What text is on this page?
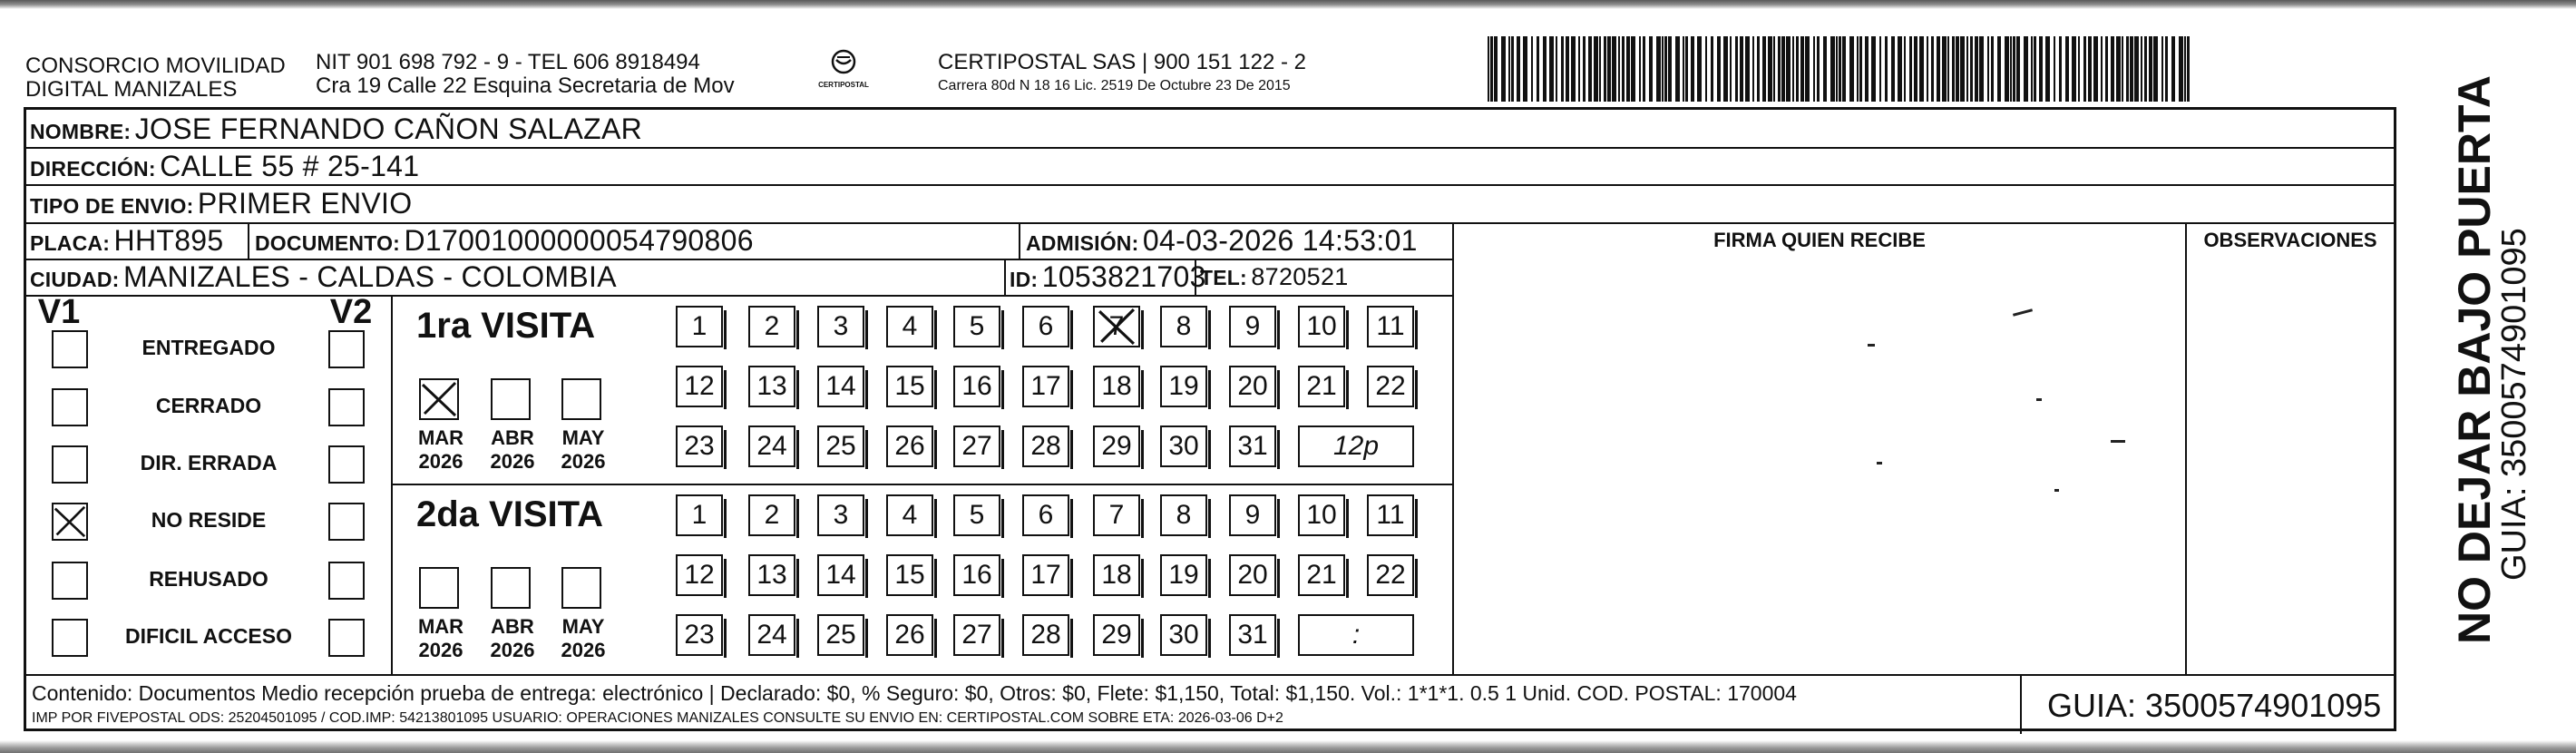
CONSORCIO MOVILIDAD
DIGITAL MANIZALES
NIT 901 698 792 - 9 - TEL 606 8918494
Cra 19 Calle 22 Esquina Secretaria de Mov	CERTIPOSTAL
CERTIPOSTAL SAS | 900 151 122 - 2
Carrera 80d N 18 16 Lic. 2519 De Octubre 23 De 2015
NOMBRE: JOSE FERNANDO CAÑON SALAZAR
DIRECCIÓN: CALLE 55 # 25-141
TIPO DE ENVIO: PRIMER ENVIO
PLACA: HHT895 DOCUMENTO: D17001000000054790806	ADMISIÓN: 04-03-2026 14:53:01
CIUDAD: MANIZALES - CALDAS - COLOMBIA	ID: 1053821703
TEL: 8720521
FIRMA QUIEN RECIBE	OBSERVACIONES
V1	V2
ENTREGADO
CERRADO
DIR. ERRADA
NO RESIDE
REHUSADO
DIFICIL ACCESO
1ra VISITA
MAR
2026
ABR
2026
MAY
2026
1	2	3	4	5	6	7	8	9	10	11
12	13	14	15	16	17	18	19	20	21	22
23	24	25	26	27	28	29	30	31	12p
2da VISITA
MAR
2026
ABR
2026
MAY
2026
1	2	3	4	5	6	7	8	9	10	11
12	13	14	15	16	17	18	19	20	21	22
23	24	25	26	27	28	29	30	31	:
Contenido: Documentos Medio recepción prueba de entrega: electrónico | Declarado: $0, % Seguro: $0, Otros: $0, Flete: $1,150, Total: $1,150. Vol.: 1*1*1. 0.5 1 Unid. COD. POSTAL: 170004
IMP POR FIVEPOSTAL ODS: 25204501095 / COD.IMP: 54213801095 USUARIO: OPERACIONES MANIZALES CONSULTE SU ENVIO EN: CERTIPOSTAL.COM SOBRE ETA: 2026-03-06 D+2	GUIA: 3500574901095
NO DEJAR BAJO PUERTA
GUIA: 3500574901095
